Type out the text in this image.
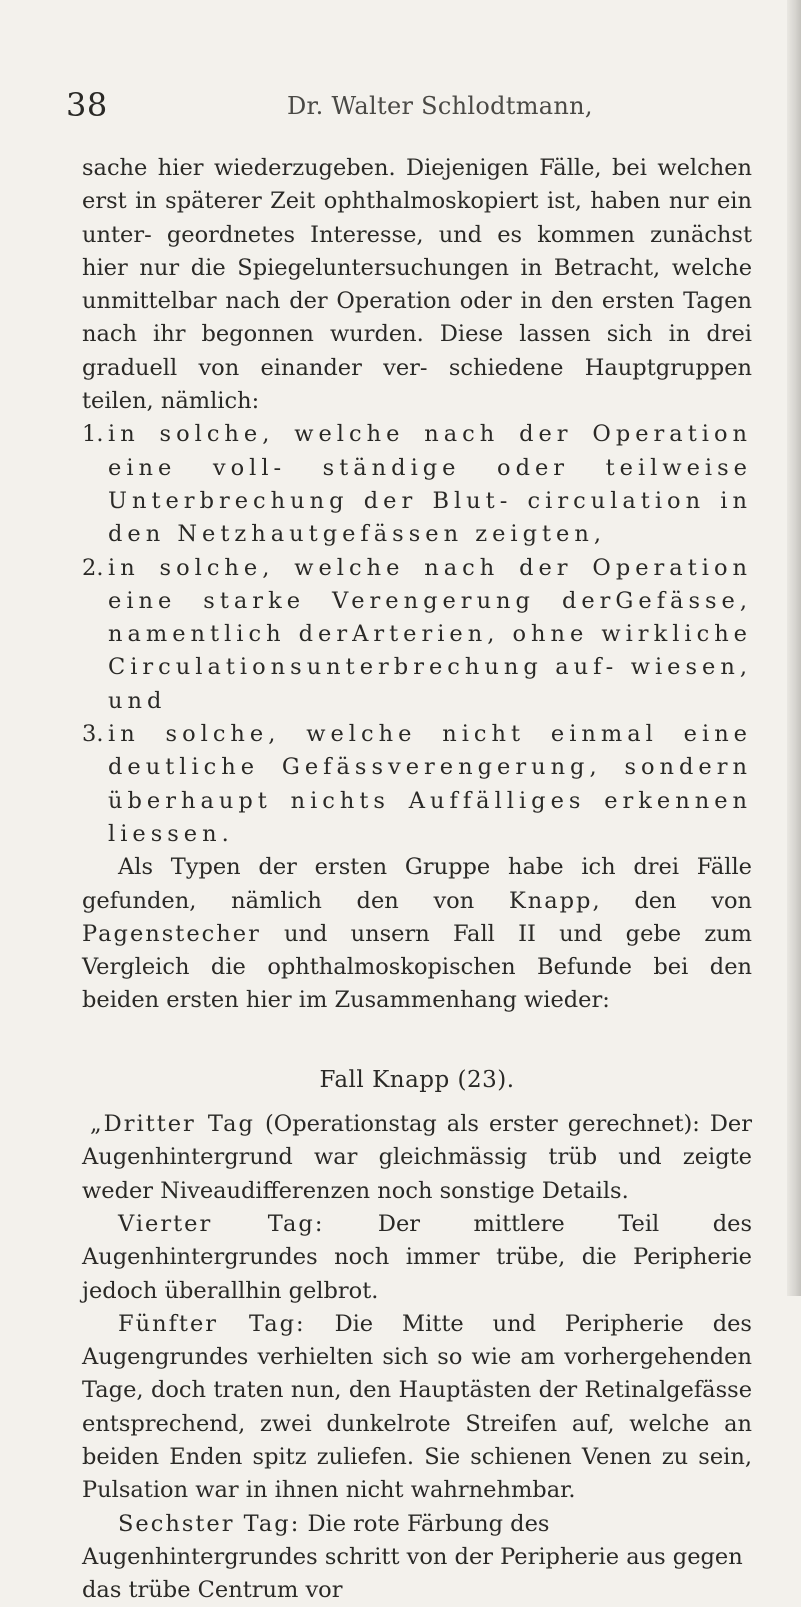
38	Dr. Walter Schlodtmann,
sache hier wiederzugeben. Diejenigen Fälle, bei welchen erst in späterer Zeit ophthalmoskopiert ist, haben nur ein unter- geordnetes Interesse, und es kommen zunächst hier nur die Spiegeluntersuchungen in Betracht, welche unmittelbar nach der Operation oder in den ersten Tagen nach ihr begonnen wurden. Diese lassen sich in drei graduell von einander ver- schiedene Hauptgruppen teilen, nämlich:
1. in solche, welche nach der Operation eine voll- ständige oder teilweise Unterbrechung der Blut- circulation in den Netzhautgefässen zeigten,
2. in solche, welche nach der Operation eine starke Verengerung derGefässe, namentlich derArterien, ohne wirkliche Circulationsunterbrechung auf- wiesen, und
3. in solche, welche nicht einmal eine deutliche Gefässverengerung, sondern überhaupt nichts Auffälliges erkennen liessen.
Als Typen der ersten Gruppe habe ich drei Fälle gefunden, nämlich den von Knapp, den von Pagenstecher und unsern Fall II und gebe zum Vergleich die ophthalmoskopischen Befunde bei den beiden ersten hier im Zusammenhang wieder:
Fall Knapp (23).
„Dritter Tag (Operationstag als erster gerechnet): Der Augenhintergrund war gleichmässig trüb und zeigte weder Niveaudifferenzen noch sonstige Details.
Vierter Tag: Der mittlere Teil des Augenhintergrundes noch immer trübe, die Peripherie jedoch überallhin gelbrot.
Fünfter Tag: Die Mitte und Peripherie des Augengrundes verhielten sich so wie am vorhergehenden Tage, doch traten nun, den Hauptästen der Retinalgefässe entsprechend, zwei dunkelrote Streifen auf, welche an beiden Enden spitz zuliefen. Sie schienen Venen zu sein, Pulsation war in ihnen nicht wahrnehmbar.
Sechster Tag: Die rote Färbung des Augenhintergrundes schritt von der Peripherie aus gegen das trübe Centrum vor
